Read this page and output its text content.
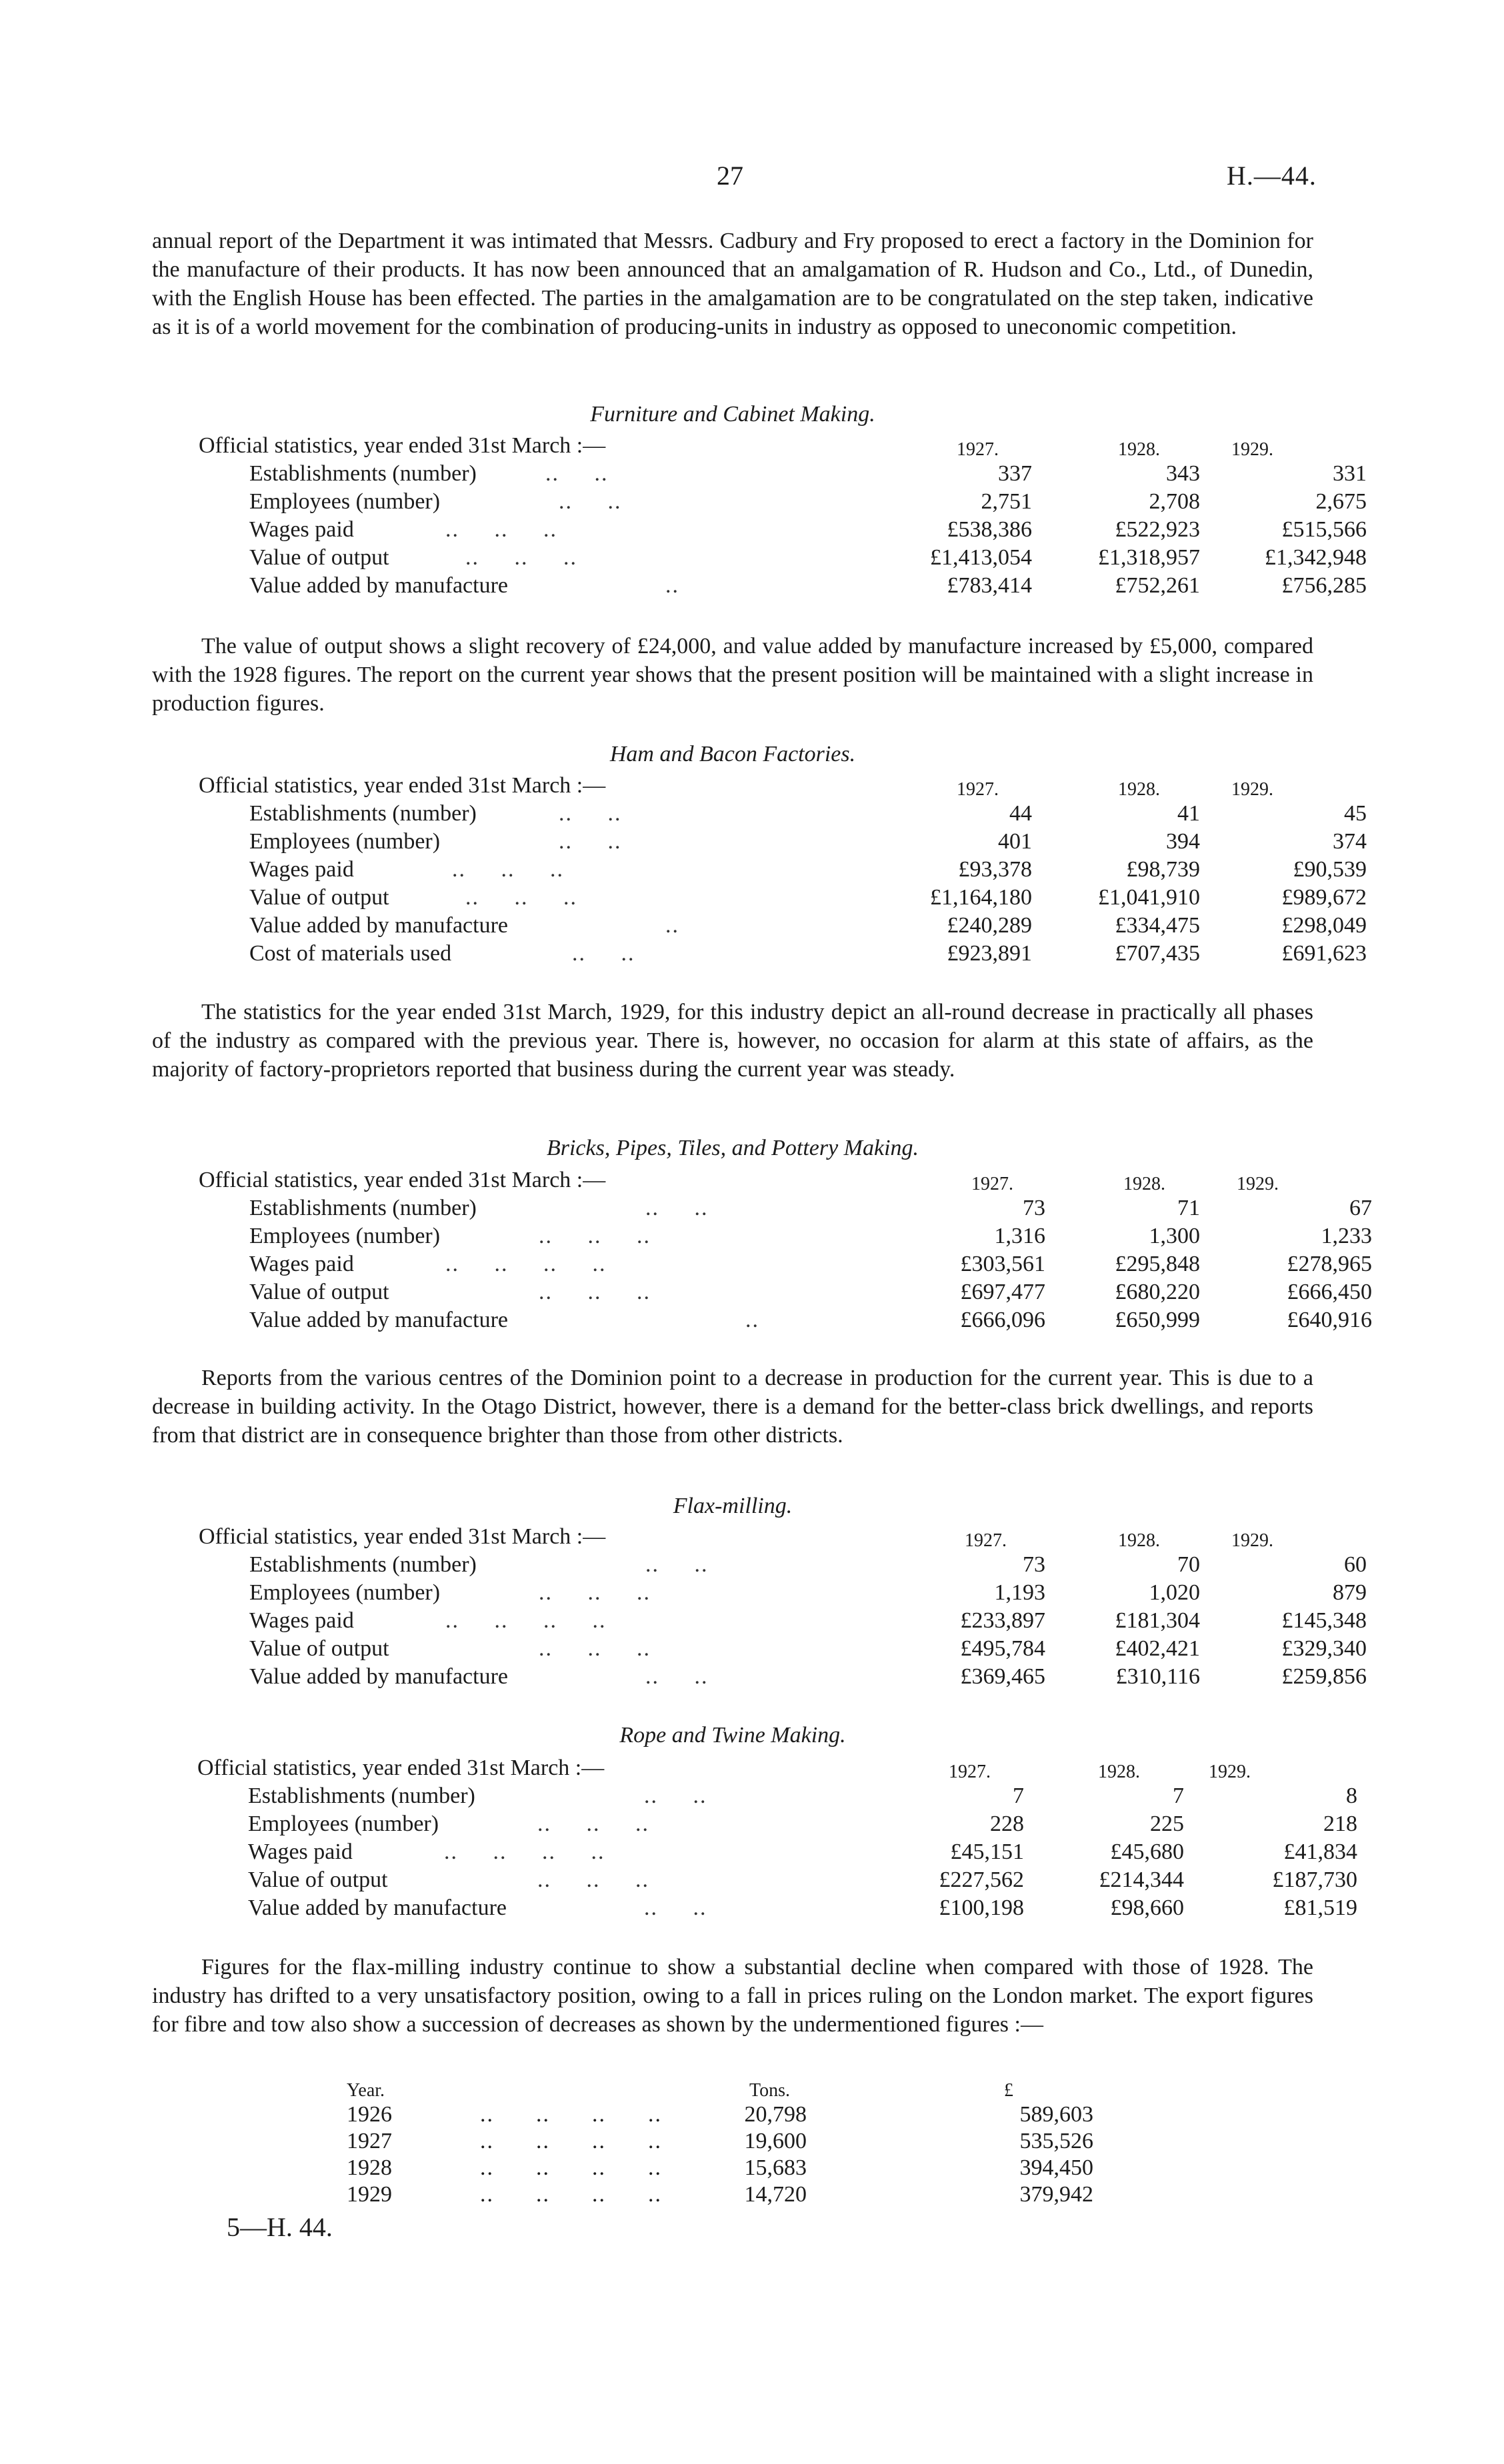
27	H.—44.

annual report of the Department it was intimated that Messrs. Cadbury and Fry proposed to erect a factory in the Dominion for the manufacture of their products. It has now been announced that an amalgamation of R. Hudson and Co., Ltd., of Dunedin, with the English House has been effected. The parties in the amalgamation are to be congratulated on the step taken, indicative as it is of a world movement for the combination of producing-units in industry as opposed to uneconomic competition.

Furniture and Cabinet Making.
Official statistics, year ended 31st March :—	1927.	1928.	1929.
Establishments (number)	..     ..	337	343	331
Employees (number)	..     ..	2,751	2,708	2,675
Wages paid	..     ..     ..	£538,386	£522,923	£515,566
Value of output	..     ..     ..	£1,413,054	£1,318,957	£1,342,948
Value added by manufacture	..	£783,414	£752,261	£756,285

The value of output shows a slight recovery of £24,000, and value added by manufacture increased by £5,000, compared with the 1928 figures. The report on the current year shows that the present position will be maintained with a slight increase in production figures.

Ham and Bacon Factories.
Official statistics, year ended 31st March :—	1927.	1928.	1929.
Establishments (number)	..     ..	44	41	45
Employees (number)	..     ..	401	394	374
Wages paid	..     ..     ..	£93,378	£98,739	£90,539
Value of output	..     ..     ..	£1,164,180	£1,041,910	£989,672
Value added by manufacture	..	£240,289	£334,475	£298,049
Cost of materials used	..     ..	£923,891	£707,435	£691,623

The statistics for the year ended 31st March, 1929, for this industry depict an all-round decrease in practically all phases of the industry as compared with the previous year. There is, however, no occasion for alarm at this state of affairs, as the majority of factory-proprietors reported that business during the current year was steady.

Bricks, Pipes, Tiles, and Pottery Making.
Official statistics, year ended 31st March :—	1927.	1928.	1929.
Establishments (number)	..     ..	73	71	67
Employees (number)	..     ..     ..	1,316	1,300	1,233
Wages paid	..     ..     ..     ..	£303,561	£295,848	£278,965
Value of output	..     ..     ..	£697,477	£680,220	£666,450
Value added by manufacture	..	£666,096	£650,999	£640,916

Reports from the various centres of the Dominion point to a decrease in production for the current year. This is due to a decrease in building activity. In the Otago District, however, there is a demand for the better-class brick dwellings, and reports from that district are in consequence brighter than those from other districts.

Flax-milling.
Official statistics, year ended 31st March :—	1927.	1928.	1929.
Establishments (number)	..     ..	73	70	60
Employees (number)	..     ..     ..	1,193	1,020	879
Wages paid	..     ..     ..     ..	£233,897	£181,304	£145,348
Value of output	..     ..     ..	£495,784	£402,421	£329,340
Value added by manufacture	..     ..	£369,465	£310,116	£259,856
Rope and Twine Making.
Official statistics, year ended 31st March :—	1927.	1928.	1929.
Establishments (number)	..     ..	7	7	8
Employees (number)	..     ..     ..	228	225	218
Wages paid	..     ..     ..     ..	£45,151	£45,680	£41,834
Value of output	..     ..     ..	£227,562	£214,344	£187,730
Value added by manufacture	..     ..	£100,198	£98,660	£81,519

Figures for the flax-milling industry continue to show a substantial decline when compared with those of 1928. The industry has drifted to a very unsatisfactory position, owing to a fall in prices ruling on the London market. The export figures for fibre and tow also show a succession of decreases as shown by the undermentioned figures :—

Year.	Tons.	£
1926	..      ..      ..      ..	20,798	589,603
1927	..      ..      ..      ..	19,600	535,526
1928	..      ..      ..      ..	15,683	394,450
1929	..      ..      ..      ..	14,720	379,942
5—H. 44.
